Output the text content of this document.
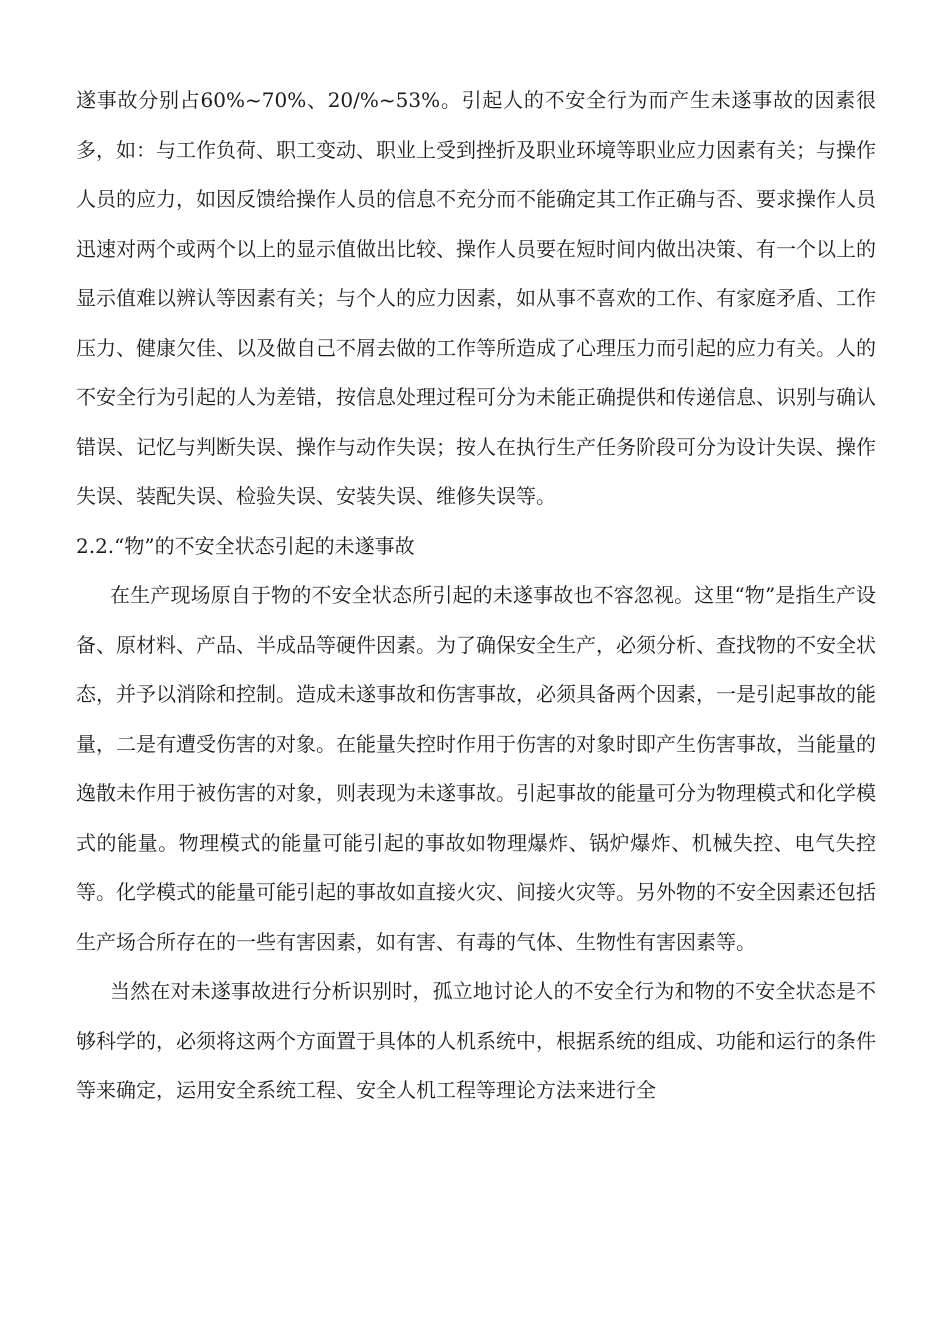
遂事故分别占60%~70%、20/%~53%。引起人的不安全行为而产生未遂事故的因素很多，如：与工作负荷、职工变动、职业上受到挫折及职业环境等职业应力因素有关；与操作人员的应力，如因反馈给操作人员的信息不充分而不能确定其工作正确与否、要求操作人员迅速对两个或两个以上的显示值做出比较、操作人员要在短时间内做出决策、有一个以上的显示值难以辨认等因素有关；与个人的应力因素，如从事不喜欢的工作、有家庭矛盾、工作压力、健康欠佳、以及做自己不屑去做的工作等所造成了心理压力而引起的应力有关。人的不安全行为引起的人为差错，按信息处理过程可分为未能正确提供和传递信息、识别与确认错误、记忆与判断失误、操作与动作失误；按人在执行生产任务阶段可分为设计失误、操作失误、装配失误、检验失误、安装失误、维修失误等。

2.2.“物”的不安全状态引起的未遂事故

在生产现场原自于物的不安全状态所引起的未遂事故也不容忽视。这里“物”是指生产设备、原材料、产品、半成品等硬件因素。为了确保安全生产，必须分析、查找物的不安全状态，并予以消除和控制。造成未遂事故和伤害事故，必须具备两个因素，一是引起事故的能量，二是有遭受伤害的对象。在能量失控时作用于伤害的对象时即产生伤害事故，当能量的逸散未作用于被伤害的对象，则表现为未遂事故。引起事故的能量可分为物理模式和化学模式的能量。物理模式的能量可能引起的事故如物理爆炸、锅炉爆炸、机械失控、电气失控等。化学模式的能量可能引起的事故如直接火灾、间接火灾等。另外物的不安全因素还包括生产场合所存在的一些有害因素，如有害、有毒的气体、生物性有害因素等。

当然在对未遂事故进行分析识别时，孤立地讨论人的不安全行为和物的不安全状态是不够科学的，必须将这两个方面置于具体的人机系统中，根据系统的组成、功能和运行的条件等来确定，运用安全系统工程、安全人机工程等理论方法来进行全
